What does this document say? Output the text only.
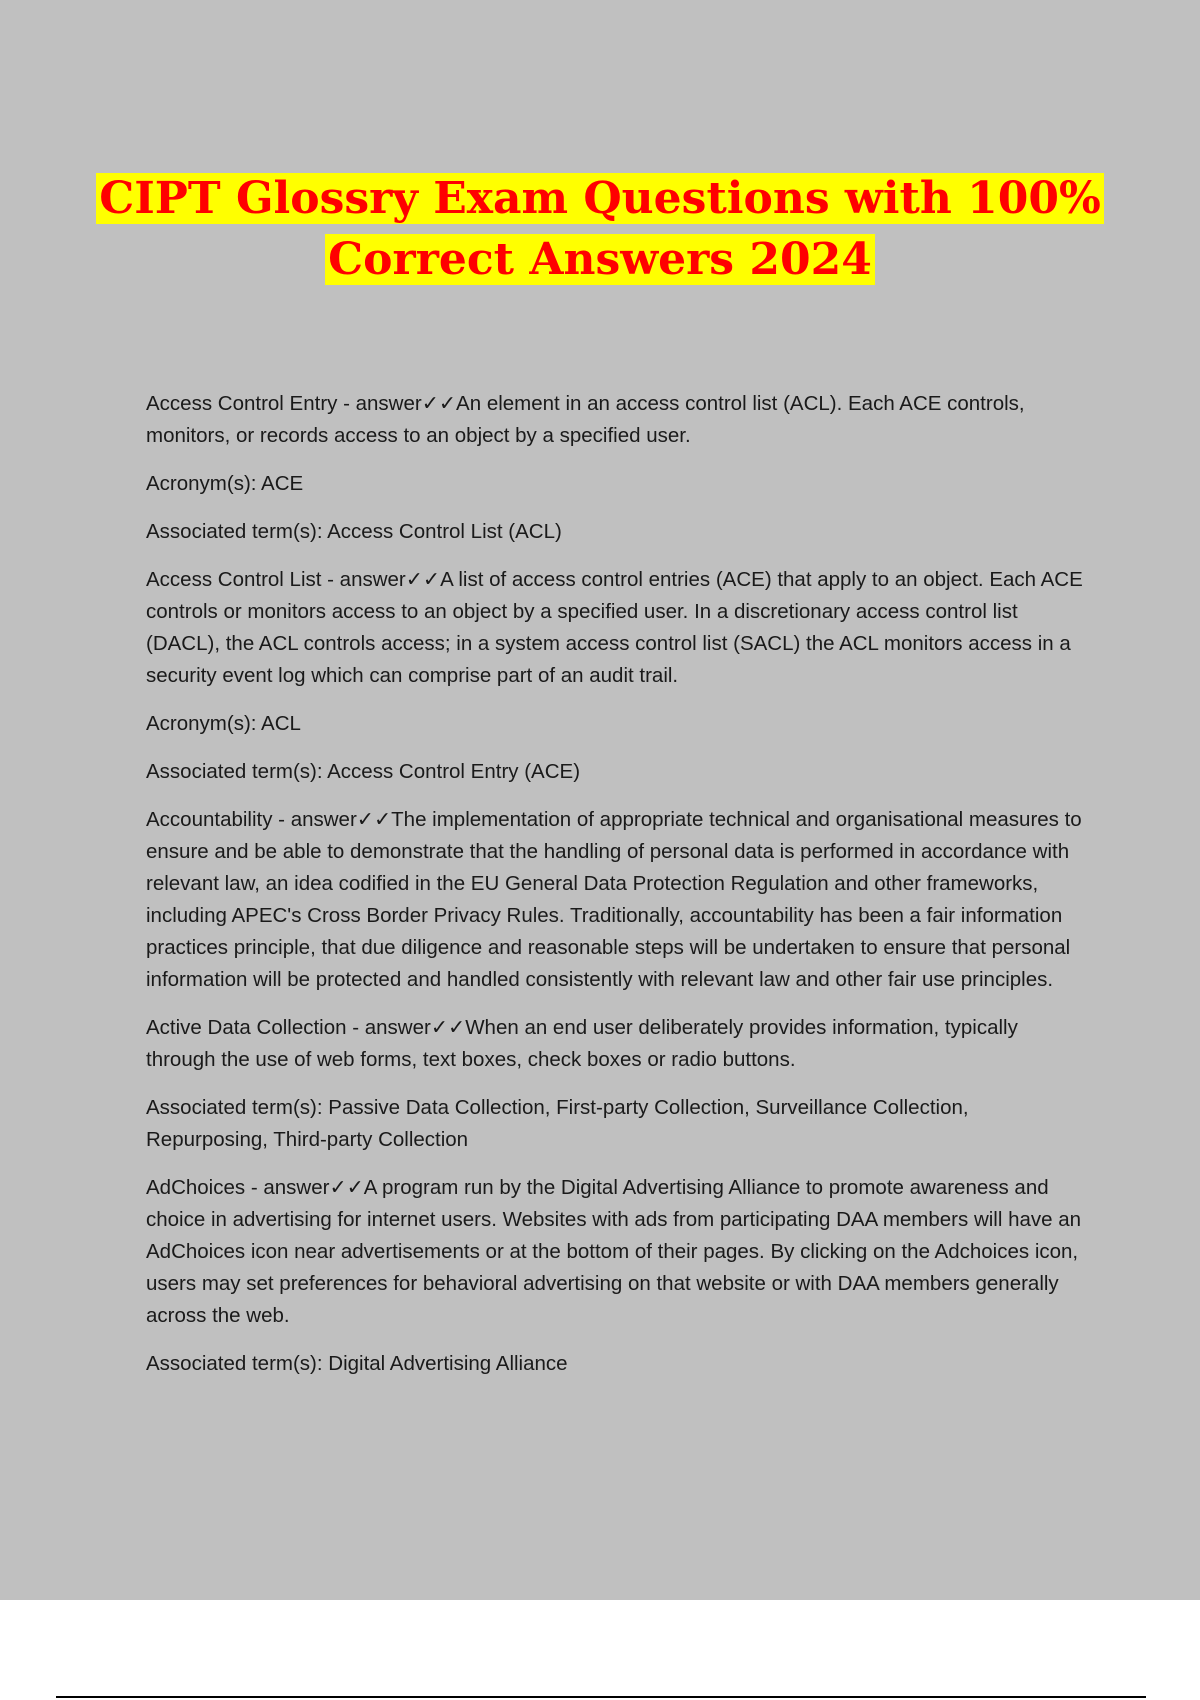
CIPT Glossry Exam Questions with 100%
Correct Answers 2024

Access Control Entry - answer✓✓An element in an access control list (ACL). Each ACE controls, monitors, or records access to an object by a specified user.

Acronym(s): ACE

Associated term(s): Access Control List (ACL)

Access Control List - answer✓✓A list of access control entries (ACE) that apply to an object. Each ACE controls or monitors access to an object by a specified user. In a discretionary access control list (DACL), the ACL controls access; in a system access control list (SACL) the ACL monitors access in a security event log which can comprise part of an audit trail.

Acronym(s): ACL

Associated term(s): Access Control Entry (ACE)

Accountability - answer✓✓The implementation of appropriate technical and organisational measures to ensure and be able to demonstrate that the handling of personal data is performed in accordance with relevant law, an idea codified in the EU General Data Protection Regulation and other frameworks, including APEC's Cross Border Privacy Rules. Traditionally, accountability has been a fair information practices principle, that due diligence and reasonable steps will be undertaken to ensure that personal information will be protected and handled consistently with relevant law and other fair use principles.

Active Data Collection - answer✓✓When an end user deliberately provides information, typically through the use of web forms, text boxes, check boxes or radio buttons.

Associated term(s): Passive Data Collection, First-party Collection, Surveillance Collection, Repurposing, Third-party Collection

AdChoices - answer✓✓A program run by the Digital Advertising Alliance to promote awareness and choice in advertising for internet users. Websites with ads from participating DAA members will have an AdChoices icon near advertisements or at the bottom of their pages. By clicking on the Adchoices icon, users may set preferences for behavioral advertising on that website or with DAA members generally across the web.

Associated term(s): Digital Advertising Alliance
